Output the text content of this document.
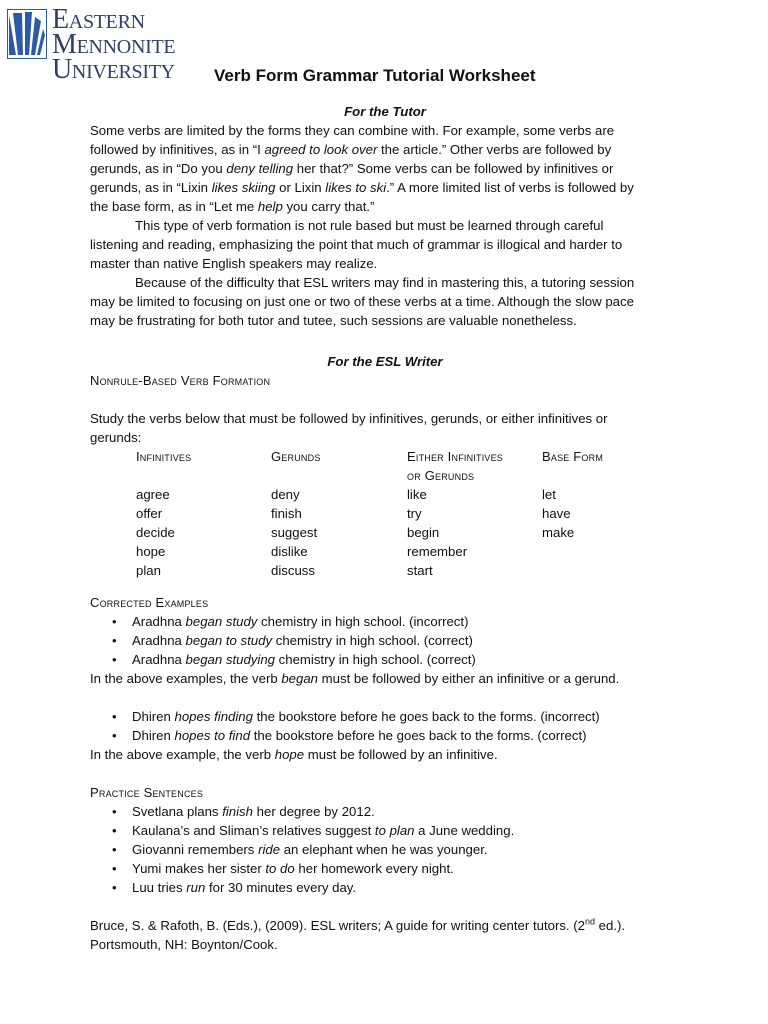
Eastern
Mennonite
University Verb Form Grammar Tutorial Worksheet
For the Tutor
Some verbs are limited by the forms they can combine with. For example, some verbs are
followed by infinitives, as in “I agreed to look over the article.” Other verbs are followed by
gerunds, as in “Do you deny telling her that?” Some verbs can be followed by infinitives or
gerunds, as in “Lixin likes skiing or Lixin likes to ski.” A more limited list of verbs is followed by
the base form, as in “Let me help you carry that.”
This type of verb formation is not rule based but must be learned through careful
listening and reading, emphasizing the point that much of grammar is illogical and harder to
master than native English speakers may realize.
Because of the difficulty that ESL writers may find in mastering this, a tutoring session
may be limited to focusing on just one or two of these verbs at a time. Although the slow pace
may be frustrating for both tutor and tutee, such sessions are valuable nonetheless.
For the ESL Writer
Nonrule-Based Verb Formation
Study the verbs below that must be followed by infinitives, gerunds, or either infinitives or
gerunds:
Infinitives
agree
offer
decide
hope
plan
Gerunds
deny
finish
suggest
dislike
discuss
Either Infinitives
or Gerunds
like
try
begin
remember
start
Base Form
let
have
make
Corrected Examples
• Aradhna began study chemistry in high school. (incorrect)
• Aradhna began to study chemistry in high school. (correct)
• Aradhna began studying chemistry in high school. (correct)
In the above examples, the verb began must be followed by either an infinitive or a gerund.
• Dhiren hopes finding the bookstore before he goes back to the forms. (incorrect)
• Dhiren hopes to find the bookstore before he goes back to the forms. (correct)
In the above example, the verb hope must be followed by an infinitive.
Practice Sentences
• Svetlana plans finish her degree by 2012.
• Kaulana’s and Sliman’s relatives suggest to plan a June wedding.
• Giovanni remembers ride an elephant when he was younger.
• Yumi makes her sister to do her homework every night.
• Luu tries run for 30 minutes every day.
Bruce, S. & Rafoth, B. (Eds.), (2009). ESL writers; A guide for writing center tutors. (2nd ed.).
Portsmouth, NH: Boynton/Cook.
